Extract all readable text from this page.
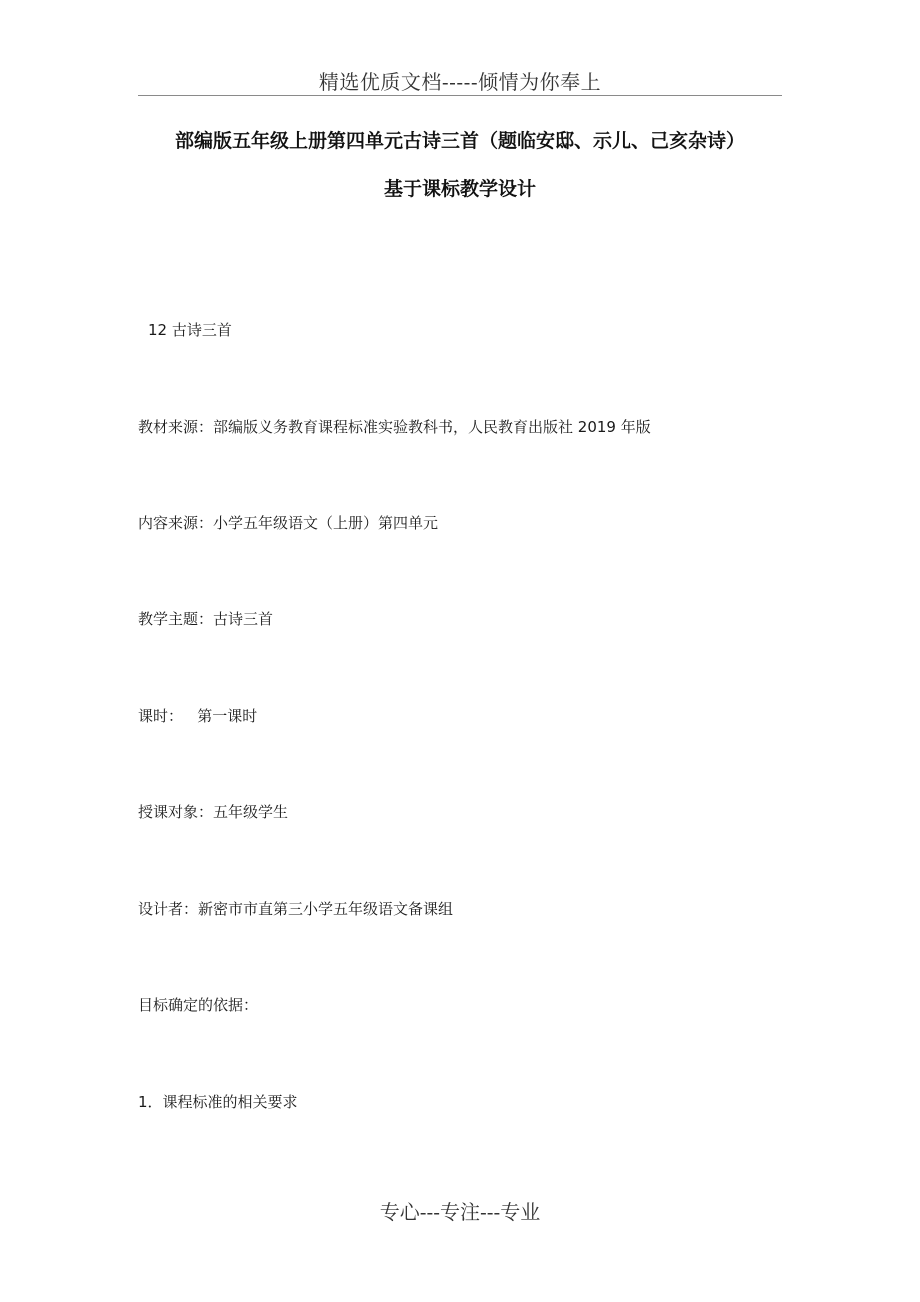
精选优质文档-----倾情为你奉上
部编版五年级上册第四单元古诗三首（题临安邸、示儿、己亥杂诗）
基于课标教学设计
12 古诗三首
教材来源：部编版义务教育课程标准实验教科书，人民教育出版社 2019 年版
内容来源：小学五年级语文（上册）第四单元
教学主题：古诗三首
课时：   第一课时
授课对象：五年级学生
设计者：新密市市直第三小学五年级语文备课组
目标确定的依据：
1．课程标准的相关要求
专心---专注---专业
